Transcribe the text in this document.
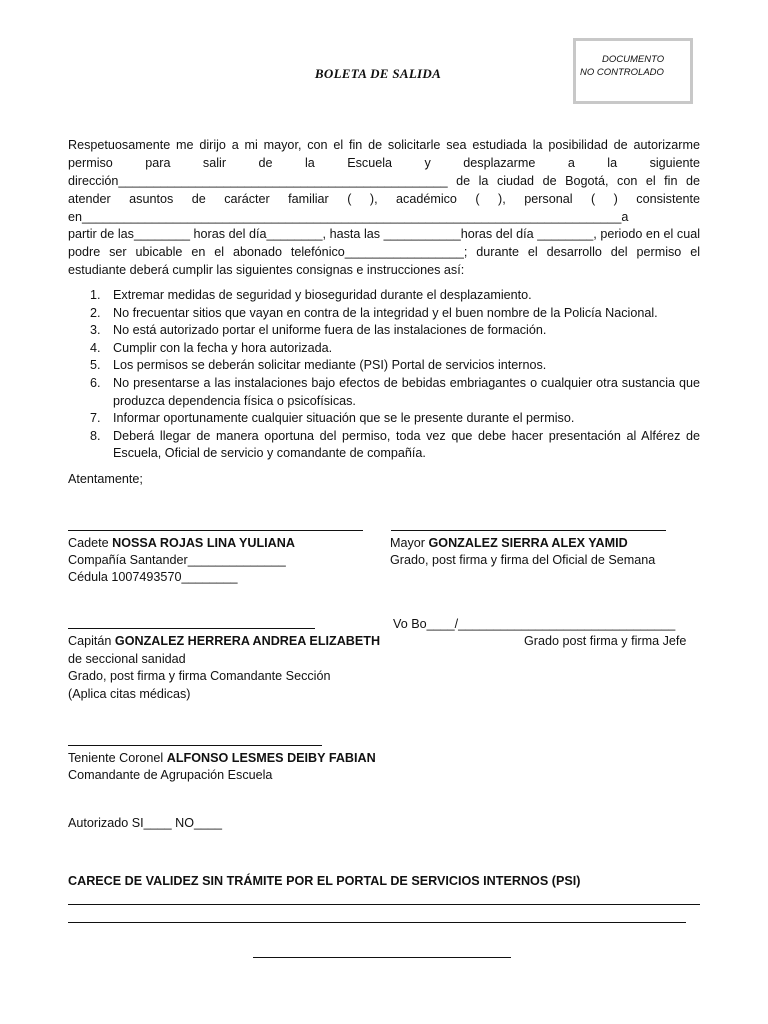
DOCUMENTO
NO CONTROLADO
BOLETA DE SALIDA
Respetuosamente me dirijo a mi mayor, con el fin de solicitarle sea estudiada la posibilidad de autorizarme
permiso para salir de la Escuela y desplazarme a la siguiente
dirección_______________________________________________ de la ciudad de Bogotá, con el fin de
atender asuntos de carácter familiar ( ), académico ( ), personal ( ) consistente
en_____________________________________________________________________________a
partir de las________ horas del día________, hasta las ___________horas del día ________, periodo en el cual
podre ser ubicable en el abonado telefónico_________________; durante el desarrollo del permiso el
estudiante deberá cumplir las siguientes consignas e instrucciones así:
1. Extremar medidas de seguridad y bioseguridad durante el desplazamiento.
2. No frecuentar sitios que vayan en contra de la integridad y el buen nombre de la Policía Nacional.
3. No está autorizado portar el uniforme fuera de las instalaciones de formación.
4. Cumplir con la fecha y hora autorizada.
5. Los permisos se deberán solicitar mediante (PSI) Portal de servicios internos.
6. No presentarse a las instalaciones bajo efectos de bebidas embriagantes o cualquier otra sustancia que produzca dependencia física o psicofísicas.
7. Informar oportunamente cualquier situación que se le presente durante el permiso.
8. Deberá llegar de manera oportuna del permiso, toda vez que debe hacer presentación al Alférez de Escuela, Oficial de servicio y comandante de compañía.
Atentamente;
Cadete NOSSA ROJAS LINA YULIANA
Compañía Santander______________
Cédula 1007493570________
Mayor GONZALEZ SIERRA ALEX YAMID
Grado, post firma y firma del Oficial de Semana
Capitán GONZALEZ HERRERA ANDREA ELIZABETH
de seccional sanidad
Grado, post firma y firma Comandante Sección
(Aplica citas médicas)
Vo Bo____/_______________________________
Grado post firma y firma Jefe
Teniente Coronel ALFONSO LESMES DEIBY FABIAN
Comandante de Agrupación Escuela
Autorizado SI____ NO____
CARECE DE VALIDEZ SIN TRÁMITE POR EL PORTAL DE SERVICIOS INTERNOS (PSI)
